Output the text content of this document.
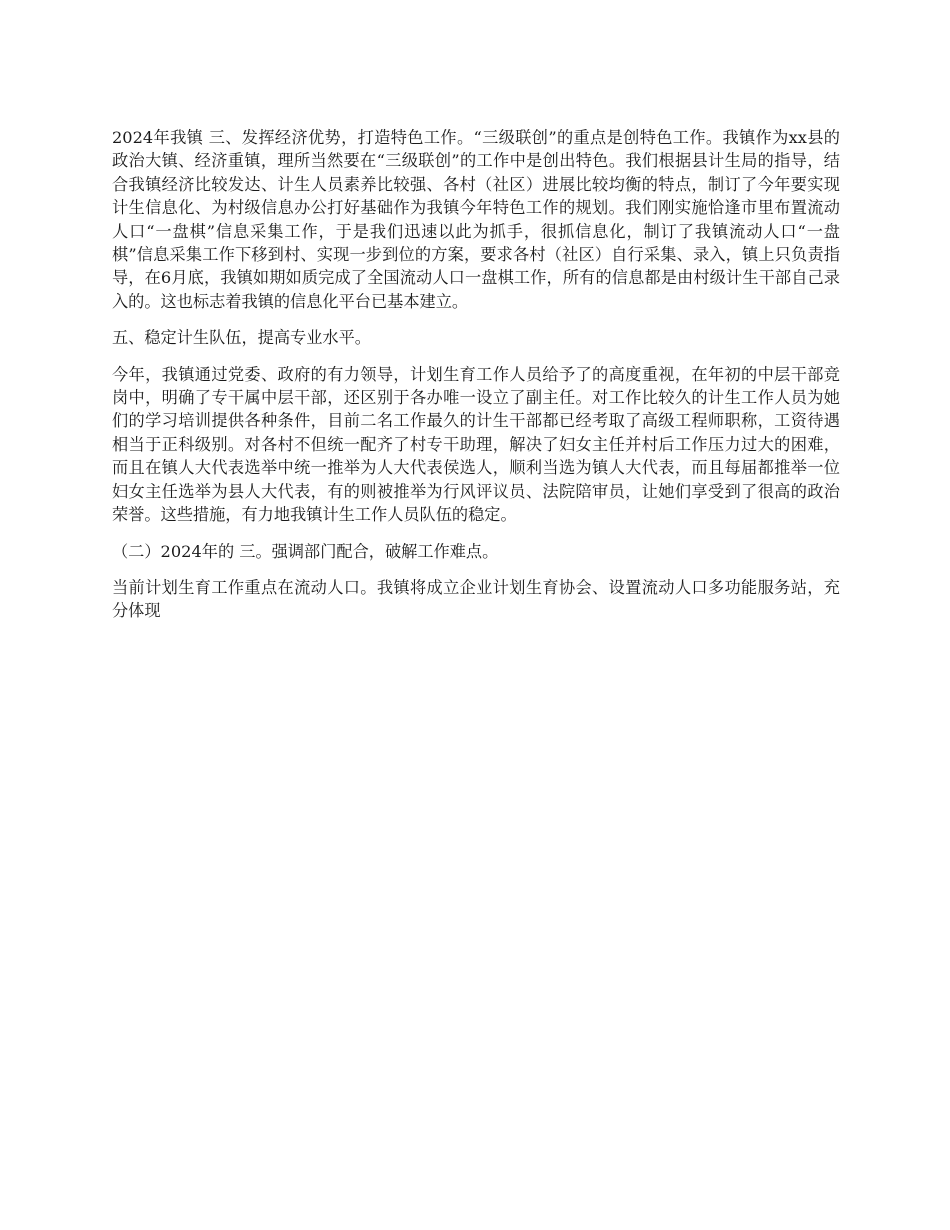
2024年我镇 三、发挥经济优势，打造特色工作。“三级联创”的重点是创特色工作。我镇作为xx县的政治大镇、经济重镇，理所当然要在“三级联创”的工作中是创出特色。我们根据县计生局的指导，结合我镇经济比较发达、计生人员素养比较强、各村（社区）进展比较均衡的特点，制订了今年要实现计生信息化、为村级信息办公打好基础作为我镇今年特色工作的规划。我们刚实施恰逢市里布置流动人口“一盘棋”信息采集工作，于是我们迅速以此为抓手，很抓信息化，制订了我镇流动人口“一盘棋”信息采集工作下移到村、实现一步到位的方案，要求各村（社区）自行采集、录入，镇上只负责指导，在6月底，我镇如期如质完成了全国流动人口一盘棋工作，所有的信息都是由村级计生干部自己录入的。这也标志着我镇的信息化平台已基本建立。

五、稳定计生队伍，提高专业水平。

今年，我镇通过党委、政府的有力领导，计划生育工作人员给予了的高度重视，在年初的中层干部竞岗中，明确了专干属中层干部，还区别于各办唯一设立了副主任。对工作比较久的计生工作人员为她们的学习培训提供各种条件，目前二名工作最久的计生干部都已经考取了高级工程师职称，工资待遇相当于正科级别。对各村不但统一配齐了村专干助理，解决了妇女主任并村后工作压力过大的困难，而且在镇人大代表选举中统一推举为人大代表侯选人，顺利当选为镇人大代表，而且每届都推举一位妇女主任选举为县人大代表，有的则被推举为行风评议员、法院陪审员，让她们享受到了很高的政治荣誉。这些措施，有力地我镇计生工作人员队伍的稳定。

（二）2024年的 三。强调部门配合，破解工作难点。

当前计划生育工作重点在流动人口。我镇将成立企业计划生育协会、设置流动人口多功能服务站，充分体现
